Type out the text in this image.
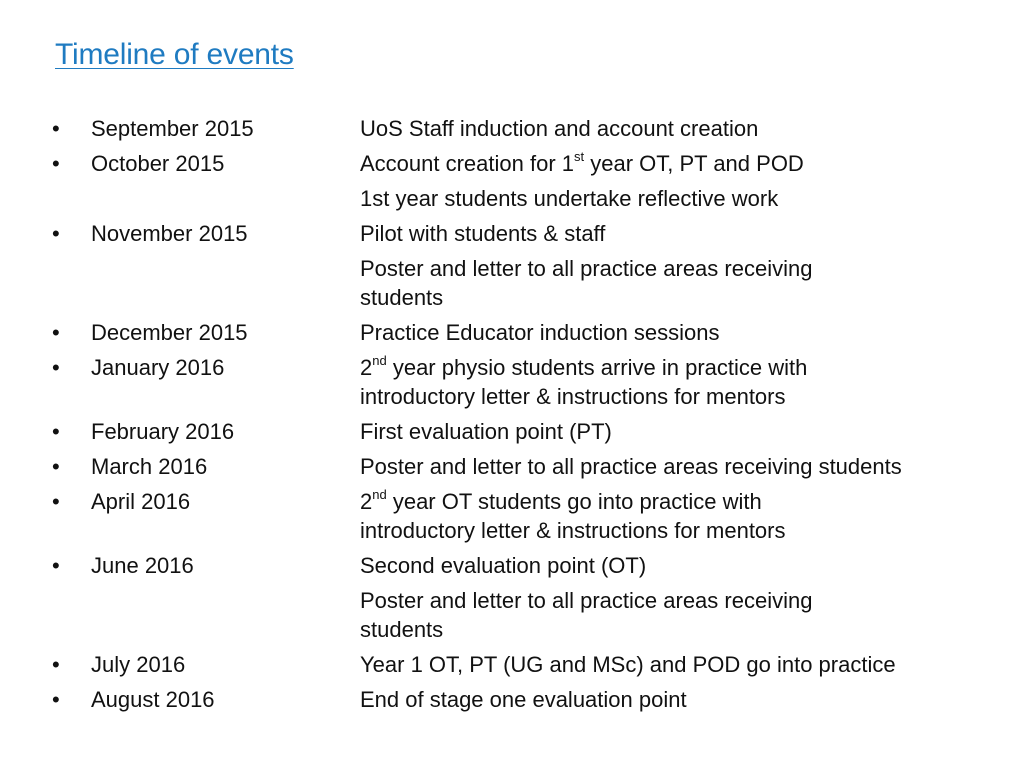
Timeline of events
• September 2015	UoS Staff induction and account creation
• October 2015	Account creation for 1st year OT, PT and POD
1st year students undertake reflective work
• November 2015	Pilot with students & staff
Poster and letter to all practice areas receiving students
• December 2015	Practice Educator induction sessions
• January 2016	2nd year physio students arrive in practice with introductory letter & instructions for mentors
• February 2016	First evaluation point (PT)
• March 2016	Poster and letter to all practice areas receiving students
• April 2016	2nd year OT students go into practice with introductory letter & instructions for mentors
• June 2016	Second evaluation point (OT)
Poster and letter to all practice areas receiving students
• July 2016	Year 1 OT, PT (UG and MSc) and POD go into practice
• August 2016	End of stage one evaluation point
